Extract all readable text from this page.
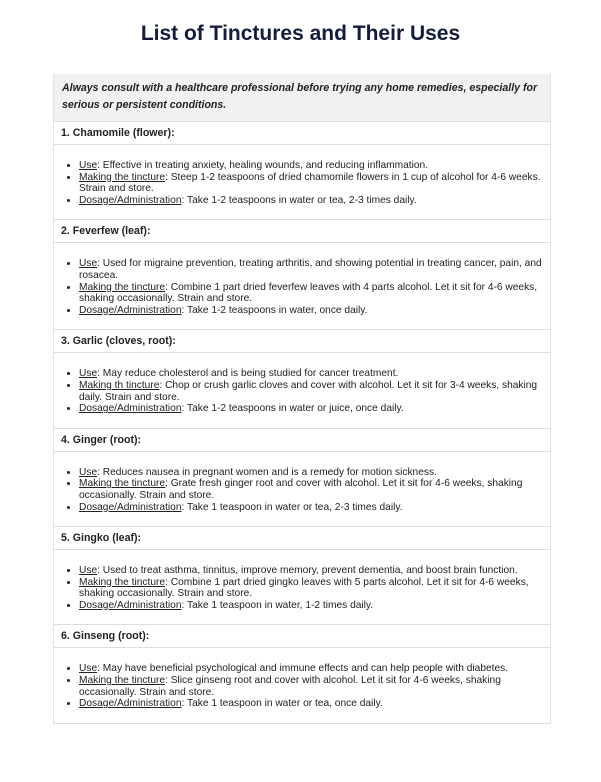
List of Tinctures and Their Uses
Always consult with a healthcare professional before trying any home remedies, especially for serious or persistent conditions.
1. Chamomile (flower):
• Use: Effective in treating anxiety, healing wounds, and reducing inflammation.
• Making the tincture: Steep 1-2 teaspoons of dried chamomile flowers in 1 cup of alcohol for 4-6 weeks. Strain and store.
• Dosage/Administration: Take 1-2 teaspoons in water or tea, 2-3 times daily.
2. Feverfew (leaf):
• Use: Used for migraine prevention, treating arthritis, and showing potential in treating cancer, pain, and rosacea.
• Making the tincture: Combine 1 part dried feverfew leaves with 4 parts alcohol. Let it sit for 4-6 weeks, shaking occasionally. Strain and store.
• Dosage/Administration: Take 1-2 teaspoons in water, once daily.
3. Garlic (cloves, root):
• Use: May reduce cholesterol and is being studied for cancer treatment.
• Making th tincture: Chop or crush garlic cloves and cover with alcohol. Let it sit for 3-4 weeks, shaking daily. Strain and store.
• Dosage/Administration: Take 1-2 teaspoons in water or juice, once daily.
4. Ginger (root):
• Use: Reduces nausea in pregnant women and is a remedy for motion sickness.
• Making the tincture: Grate fresh ginger root and cover with alcohol. Let it sit for 4-6 weeks, shaking occasionally. Strain and store.
• Dosage/Administration: Take 1 teaspoon in water or tea, 2-3 times daily.
5. Gingko (leaf):
• Use: Used to treat asthma, tinnitus, improve memory, prevent dementia, and boost brain function.
• Making the tincture: Combine 1 part dried gingko leaves with 5 parts alcohol. Let it sit for 4-6 weeks, shaking occasionally. Strain and store.
• Dosage/Administration: Take 1 teaspoon in water, 1-2 times daily.
6. Ginseng (root):
• Use: May have beneficial psychological and immune effects and can help people with diabetes.
• Making the tincture: Slice ginseng root and cover with alcohol. Let it sit for 4-6 weeks, shaking occasionally. Strain and store.
• Dosage/Administration: Take 1 teaspoon in water or tea, once daily.
